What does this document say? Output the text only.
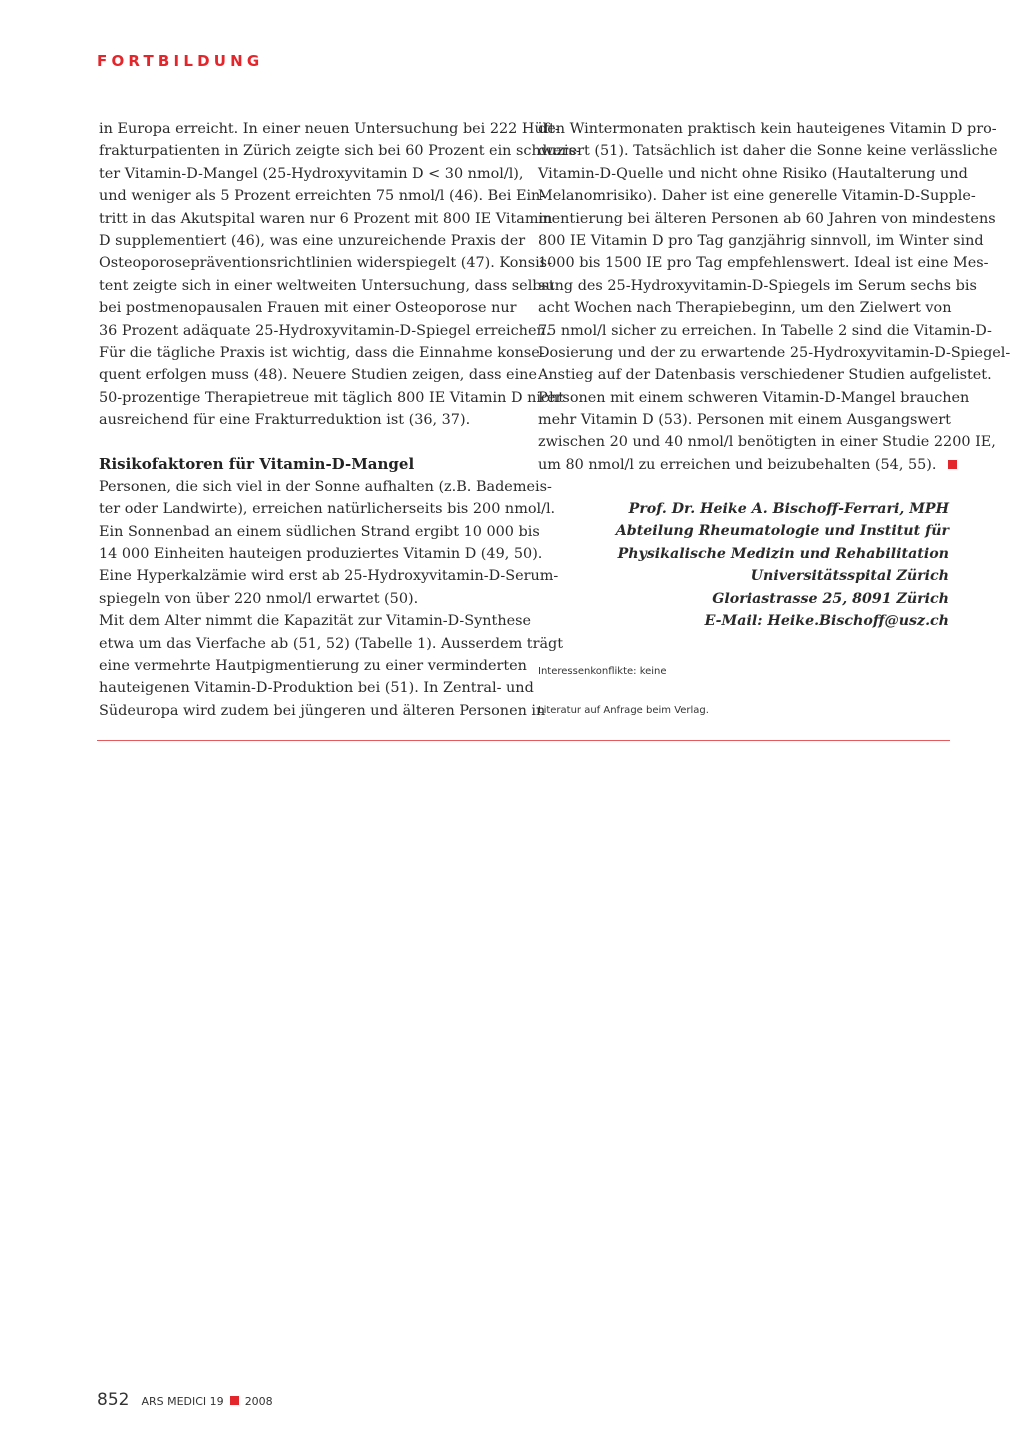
FORTBILDUNG
in Europa erreicht. In einer neuen Untersuchung bei 222 Hüft-
frakturpatienten in Zürich zeigte sich bei 60 Prozent ein schwers-
ter Vitamin-D-Mangel (25-Hydroxyvitamin D < 30 nmol/l),
und weniger als 5 Prozent erreichten 75 nmol/l (46). Bei Ein-
tritt in das Akutspital waren nur 6 Prozent mit 800 IE Vitamin
D supplementiert (46), was eine unzureichende Praxis der
Osteoporosepräventionsrichtlinien widerspiegelt (47). Konsis-
tent zeigte sich in einer weltweiten Untersuchung, dass selbst
bei postmenopausalen Frauen mit einer Osteoporose nur
36 Prozent adäquate 25-Hydroxyvitamin-D-Spiegel erreichen.
Für die tägliche Praxis ist wichtig, dass die Einnahme konse-
quent erfolgen muss (48). Neuere Studien zeigen, dass eine
50-prozentige Therapietreue mit täglich 800 IE Vitamin D nicht
ausreichend für eine Frakturreduktion ist (36, 37).
Risikofaktoren für Vitamin-D-Mangel
Personen, die sich viel in der Sonne aufhalten (z.B. Bademeis-
ter oder Landwirte), erreichen natürlicherseits bis 200 nmol/l.
Ein Sonnenbad an einem südlichen Strand ergibt 10 000 bis
14 000 Einheiten hauteigen produziertes Vitamin D (49, 50).
Eine Hyperkalzämie wird erst ab 25-Hydroxyvitamin-D-Serum-
spiegeln von über 220 nmol/l erwartet (50).
Mit dem Alter nimmt die Kapazität zur Vitamin-D-Synthese
etwa um das Vierfache ab (51, 52) (Tabelle 1). Ausserdem trägt
eine vermehrte Hautpigmentierung zu einer verminderten
hauteigenen Vitamin-D-Produktion bei (51). In Zentral- und
Südeuropa wird zudem bei jüngeren und älteren Personen in
den Wintermonaten praktisch kein hauteigenes Vitamin D pro-
duziert (51). Tatsächlich ist daher die Sonne keine verlässliche
Vitamin-D-Quelle und nicht ohne Risiko (Hautalterung und
Melanomrisiko). Daher ist eine generelle Vitamin-D-Supple-
mentierung bei älteren Personen ab 60 Jahren von mindestens
800 IE Vitamin D pro Tag ganzjährig sinnvoll, im Winter sind
1000 bis 1500 IE pro Tag empfehlenswert. Ideal ist eine Mes-
sung des 25-Hydroxyvitamin-D-Spiegels im Serum sechs bis
acht Wochen nach Therapiebeginn, um den Zielwert von
75 nmol/l sicher zu erreichen. In Tabelle 2 sind die Vitamin-D-
Dosierung und der zu erwartende 25-Hydroxyvitamin-D-Spiegel-
Anstieg auf der Datenbasis verschiedener Studien aufgelistet.
Personen mit einem schweren Vitamin-D-Mangel brauchen
mehr Vitamin D (53). Personen mit einem Ausgangswert
zwischen 20 und 40 nmol/l benötigten in einer Studie 2200 IE,
um 80 nmol/l zu erreichen und beizubehalten (54, 55).
Prof. Dr. Heike A. Bischoff-Ferrari, MPH
Abteilung Rheumatologie und Institut für
Physikalische Medizin und Rehabilitation
Universitätsspital Zürich
Gloriastrasse 25, 8091 Zürich
E-Mail: Heike.Bischoff@usz.ch
Interessenkonflikte: keine
Literatur auf Anfrage beim Verlag.
852 ARS MEDICI 19 2008
